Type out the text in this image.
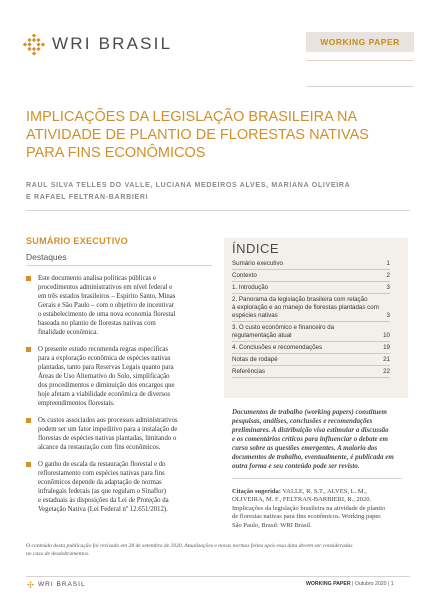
WRI BRASIL	WORKING PAPER
IMPLICAÇÕES DA LEGISLAÇÃO BRASILEIRA NA
ATIVIDADE DE PLANTIO DE FLORESTAS NATIVAS
PARA FINS ECONÔMICOS
RAUL SILVA TELLES DO VALLE, LUCIANA MEDEIROS ALVES, MARIANA OLIVEIRA
E RAFAEL FELTRAN-BARBIERI
SUMÁRIO EXECUTIVO
Destaques
Este documento analisa políticas públicas e
procedimentos administrativos em nível federal e
em três estados brasileiros – Espírito Santo, Minas
Gerais e São Paulo – com o objetivo de incentivar
o estabelecimento de uma nova economia florestal
baseada no plantio de florestas nativas com
finalidade econômica.
O presente estudo recomenda regras específicas
para a exploração econômica de espécies nativas
plantadas, tanto para Reservas Legais quanto para
Áreas de Uso Alternativo do Solo, simplificação
dos procedimentos e diminuição dos encargos que
hoje afetam a viabilidade econômica de diversos
empreendimentos florestais.
Os custos associados aos processos administrativos
podem ser um fator impeditivo para a instalação de
florestas de espécies nativas plantadas, limitando o
alcance da restauração com fins econômicos.
O ganho de escala da restauração florestal e do
reflorestamento com espécies nativas para fins
econômicos depende da adaptação de normas
infralegais federais (as que regulam o Sinaflor)
e estaduais às disposições da Lei de Proteção da
Vegetação Nativa (Lei Federal nº 12.651/2012).
ÍNDICE
Sumário executivo	1
Contexto	2
1. Introdução	3
2. Panorama da legislação brasileira com relação
à exploração e ao manejo de florestas plantadas com
espécies nativas	3
3. O custo econômico e financeiro da
regulamentação atual	10
4. Conclusões e recomendações	19
Notas de rodapé	21
Referências	22
Documentos de trabalho (working papers) constituem
pesquisas, análises, conclusões e recomendações
preliminares. A distribuição visa estimular a discussão
e os comentários críticos para influenciar o debate em
curso sobre as questões emergentes. A maioria dos
documentos de trabalho, eventualmente, é publicada em
outra forma e seu conteúdo pode ser revisto.
Citação sugerida: VALLE, R. S.T., ALVES, L. M.,
OLIVEIRA, M. F., FELTRAN-BARBIERI, R., 2020.
Implicações da legislação brasileira na atividade de plantio
de florestas nativas para fins econômicos. Working paper.
São Paulo, Brasil: WRI Brasil.
O conteúdo desta publicação foi revisado em 28 de setembro de 2020. Atualizações e novas normas feitas após essa data devem ser consideradas
no caso de desdobramentos.
WRI BRASIL	WORKING PAPER | Outubro 2020 | 1
